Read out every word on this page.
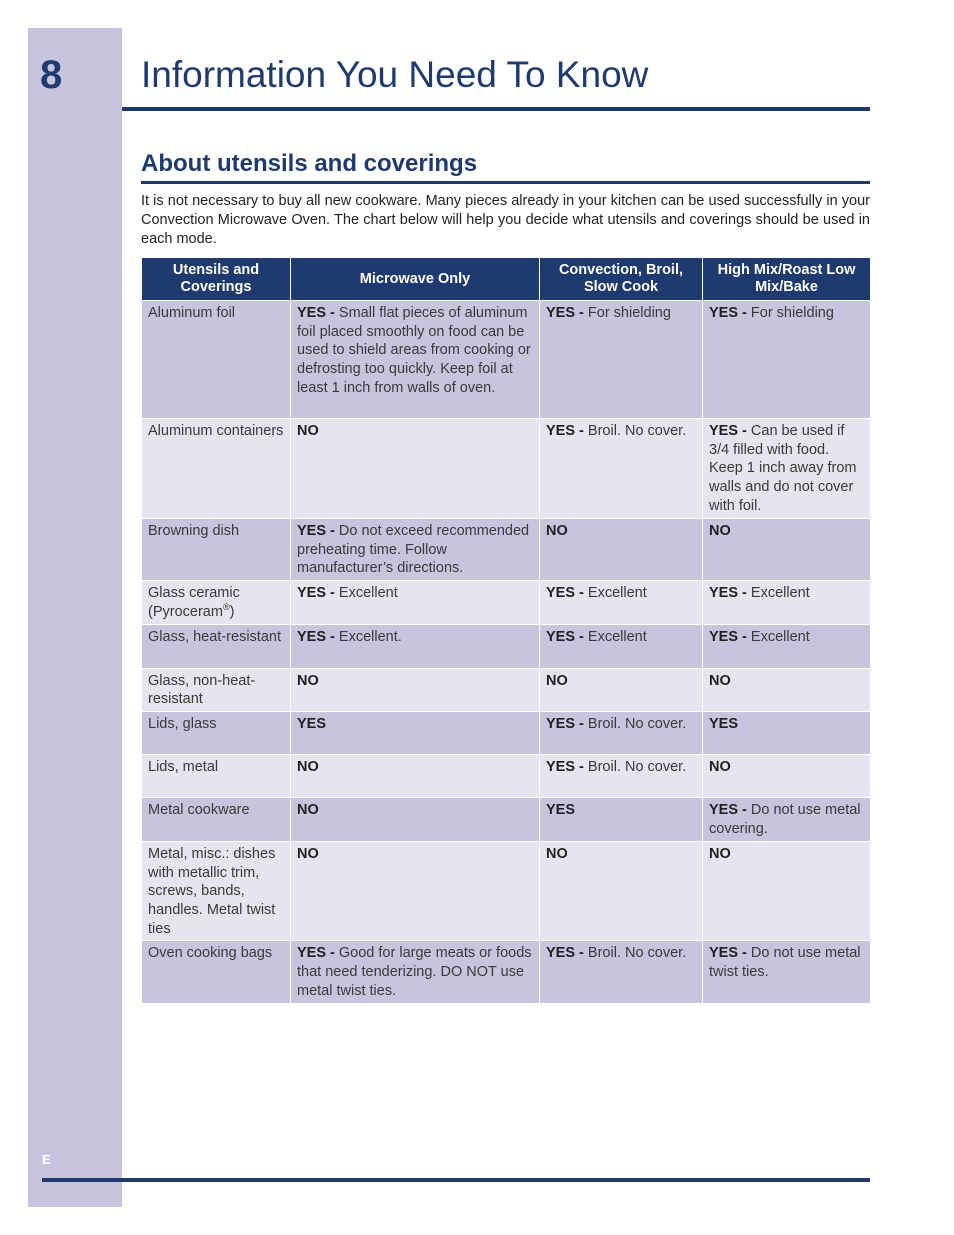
8	Information You Need To Know
About utensils and coverings

It is not necessary to buy all new cookware. Many pieces already in your kitchen can be used successfully in your Convection Microwave Oven. The chart below will help you decide what utensils and coverings should be used in each mode.

Utensils and Coverings	Microwave Only	Convection, Broil, Slow Cook	High Mix/Roast Low Mix/Bake
Aluminum foil	YES - Small flat pieces of aluminum foil placed smoothly on food can be used to shield areas from cooking or defrosting too quickly. Keep foil at least 1 inch from walls of oven.	YES - For shielding	YES - For shielding
Aluminum containers	NO	YES - Broil. No cover.	YES - Can be used if 3/4 filled with food. Keep 1 inch away from walls and do not cover with foil.
Browning dish	YES - Do not exceed recommended preheating time. Follow manufacturer’s directions.	NO	NO
Glass ceramic (Pyroceram®)	YES - Excellent	YES - Excellent	YES - Excellent
Glass, heat-resistant	YES - Excellent.	YES - Excellent	YES - Excellent
Glass, non-heat-resistant	NO	NO	NO
Lids, glass	YES	YES - Broil. No cover.	YES
Lids, metal	NO	YES - Broil. No cover.	NO
Metal cookware	NO	YES	YES - Do not use metal covering.
Metal, misc.: dishes with metallic trim, screws, bands, handles. Metal twist ties	NO	NO	NO
Oven cooking bags	YES - Good for large meats or foods that need tenderizing. DO NOT use metal twist ties.	YES - Broil. No cover.	YES - Do not use metal twist ties.
E
